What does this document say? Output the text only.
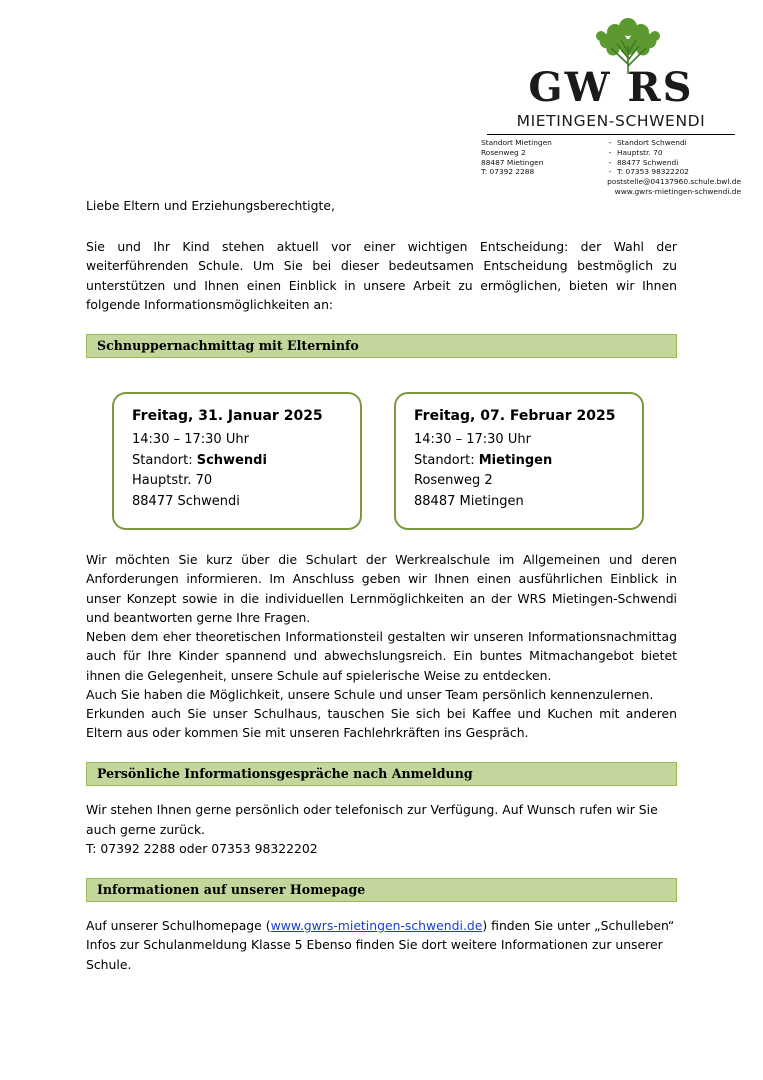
GW RS
MIETINGEN-SCHWENDI
Standort Mietingen	-	Standort Schwendi
Rosenweg 2	-	Hauptstr. 70
88487 Mietingen	-	88477 Schwendi
T: 07392 2288	-	T: 07353 98322202
poststelle@04137960.schule.bwl.de
www.gwrs-mietingen-schwendi.de

Liebe Eltern und Erziehungsberechtigte,

Sie und Ihr Kind stehen aktuell vor einer wichtigen Entscheidung: der Wahl der weiterführenden Schule. Um Sie bei dieser bedeutsamen Entscheidung bestmöglich zu unterstützen und Ihnen einen Einblick in unsere Arbeit zu ermöglichen, bieten wir Ihnen folgende Informationsmöglichkeiten an:

Schnuppernachmittag mit Elterninfo
Freitag, 31. Januar 2025
14:30 – 17:30 Uhr
Standort: Schwendi
Hauptstr. 70
88477 Schwendi
Freitag, 07. Februar 2025
14:30 – 17:30 Uhr
Standort: Mietingen
Rosenweg 2
88487 Mietingen

Wir möchten Sie kurz über die Schulart der Werkrealschule im Allgemeinen und deren Anforderungen informieren. Im Anschluss geben wir Ihnen einen ausführlichen Einblick in unser Konzept sowie in die individuellen Lernmöglichkeiten an der WRS Mietingen-Schwendi und beantworten gerne Ihre Fragen.

Neben dem eher theoretischen Informationsteil gestalten wir unseren Informationsnachmittag auch für Ihre Kinder spannend und abwechslungsreich. Ein buntes Mitmachangebot bietet ihnen die Gelegenheit, unsere Schule auf spielerische Weise zu entdecken.

Auch Sie haben die Möglichkeit, unsere Schule und unser Team persönlich kennenzulernen.

Erkunden auch Sie unser Schulhaus, tauschen Sie sich bei Kaffee und Kuchen mit anderen Eltern aus oder kommen Sie mit unseren Fachlehrkräften ins Gespräch.

Persönliche Informationsgespräche nach Anmeldung

Wir stehen Ihnen gerne persönlich oder telefonisch zur Verfügung. Auf Wunsch rufen wir Sie auch gerne zurück.

T: 07392 2288 oder 07353 98322202

Informationen auf unserer Homepage

Auf unserer Schulhomepage (www.gwrs-mietingen-schwendi.de) finden Sie unter „Schulleben“ Infos zur Schulanmeldung Klasse 5 Ebenso finden Sie dort weitere Informationen zur unserer Schule.
